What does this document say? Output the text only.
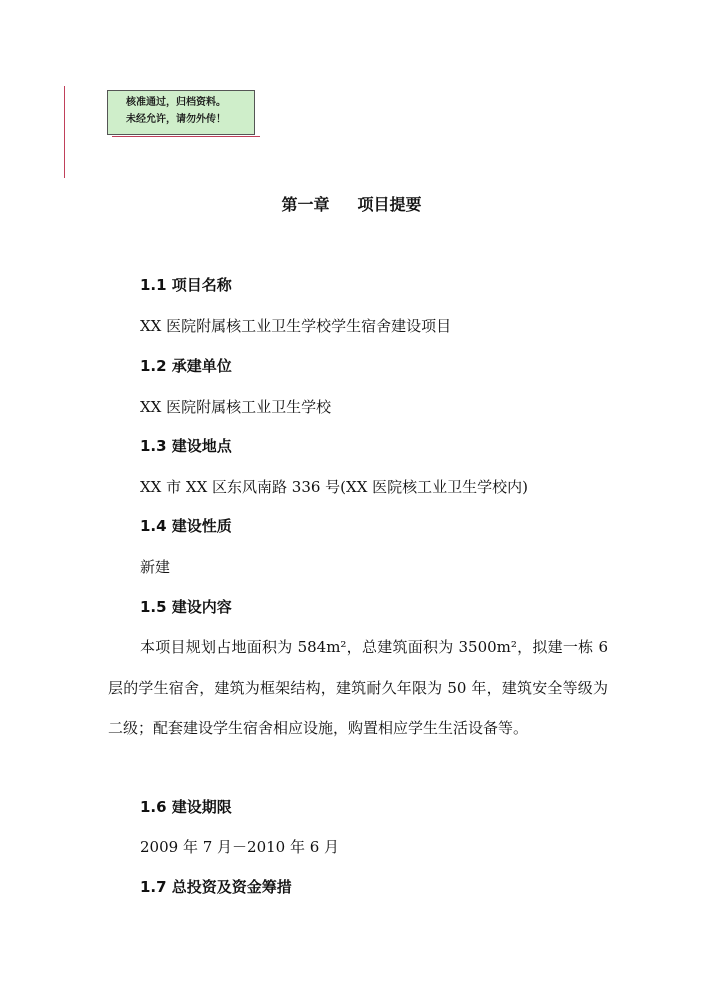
核准通过，归档资料。
未经允许，请勿外传！
第一章 项目提要
1.1 项目名称
XX 医院附属核工业卫生学校学生宿舍建设项目
1.2 承建单位
XX 医院附属核工业卫生学校
1.3 建设地点
XX 市 XX 区东风南路 336 号(XX 医院核工业卫生学校内)
1.4 建设性质
新建
1.5 建设内容
本项目规划占地面积为 584m²，总建筑面积为 3500m²，拟建一栋 6 层的学生宿舍，建筑为框架结构，建筑耐久年限为 50 年，建筑安全等级为二级；配套建设学生宿舍相应设施，购置相应学生生活设备等。
1.6 建设期限
2009 年 7 月－2010 年 6 月
1.7 总投资及资金筹措
